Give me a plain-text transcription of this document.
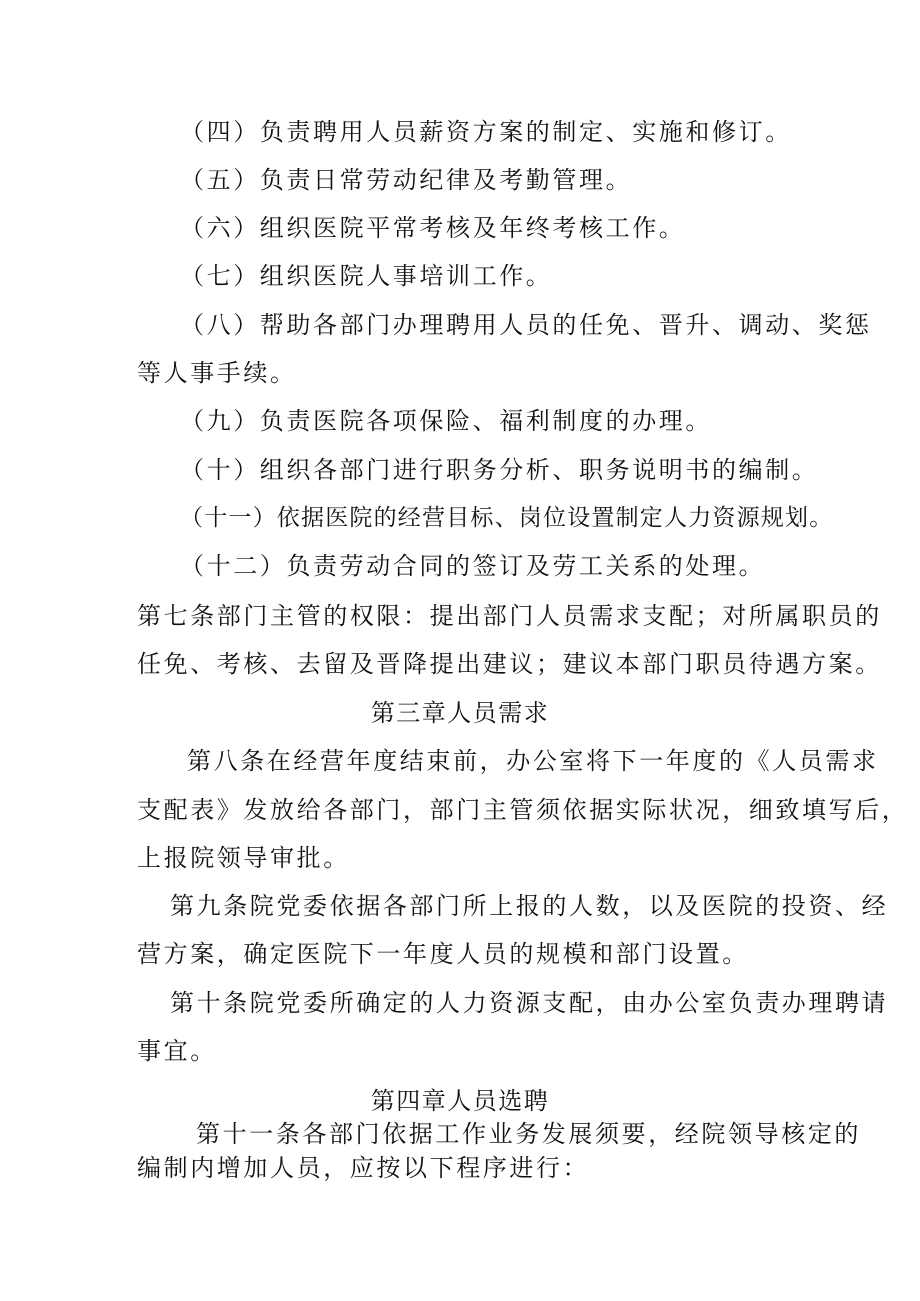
（四）负责聘用人员薪资方案的制定、实施和修订。

（五）负责日常劳动纪律及考勤管理。

（六）组织医院平常考核及年终考核工作。

（七）组织医院人事培训工作。

（八）帮助各部门办理聘用人员的任免、晋升、调动、奖惩

等人事手续。

（九）负责医院各项保险、福利制度的办理。

（十）组织各部门进行职务分析、职务说明书的编制。

（十一）依据医院的经营目标、岗位设置制定人力资源规划。

（十二）负责劳动合同的签订及劳工关系的处理。

第七条部门主管的权限：提出部门人员需求支配；对所属职员的

任免、考核、去留及晋降提出建议；建议本部门职员待遇方案。

第三章人员需求

第八条在经营年度结束前，办公室将下一年度的《人员需求

支配表》发放给各部门，部门主管须依据实际状况，细致填写后，

上报院领导审批。

第九条院党委依据各部门所上报的人数，以及医院的投资、经

营方案，确定医院下一年度人员的规模和部门设置。

第十条院党委所确定的人力资源支配，由办公室负责办理聘请

事宜。

第四章人员选聘

第十一条各部门依据工作业务发展须要，经院领导核定的

编制内增加人员，应按以下程序进行：
